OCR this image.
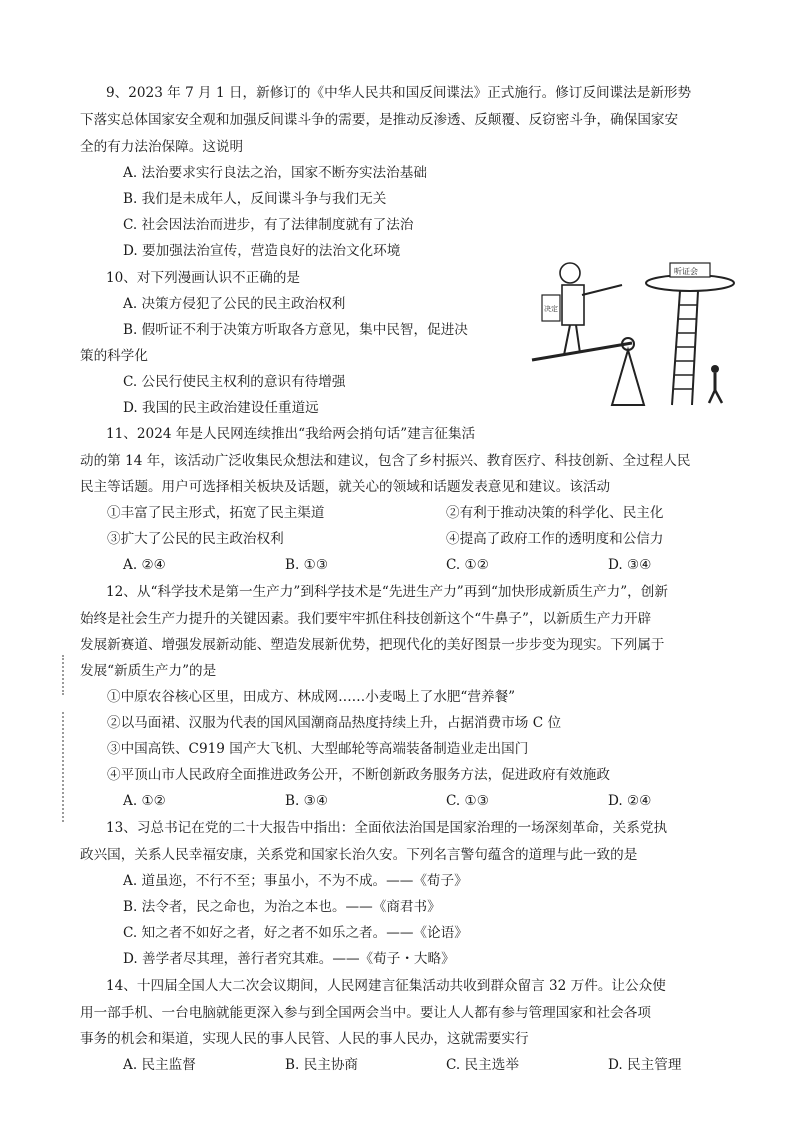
9、2023 年 7 月 1 日，新修订的《中华人民共和国反间谍法》正式施行。修订反间谍法是新形势
下落实总体国家安全观和加强反间谍斗争的需要，是推动反渗透、反颠覆、反窃密斗争，确保国家安
全的有力法治保障。这说明
A. 法治要求实行良法之治，国家不断夯实法治基础
B. 我们是未成年人，反间谍斗争与我们无关
C. 社会因法治而进步，有了法律制度就有了法治
D. 要加强法治宣传，营造良好的法治文化环境
10、对下列漫画认识不正确的是
A. 决策方侵犯了公民的民主政治权利
B. 假听证不利于决策方听取各方意见，集中民智，促进决
策的科学化
C. 公民行使民主权利的意识有待增强
D. 我国的民主政治建设任重道远
决定
听证会
11、2024 年是人民网连续推出“我给两会捎句话”建言征集活
动的第 14 年，该活动广泛收集民众想法和建议，包含了乡村振兴、教育医疗、科技创新、全过程人民
民主等话题。用户可选择相关板块及话题，就关心的领域和话题发表意见和建议。该活动
①丰富了民主形式，拓宽了民主渠道	②有利于推动决策的科学化、民主化
③扩大了公民的民主政治权利	④提高了政府工作的透明度和公信力
A. ②④	B. ①③	C. ①②	D. ③④
12、从“科学技术是第一生产力”到科学技术是“先进生产力”再到“加快形成新质生产力”，创新
始终是社会生产力提升的关键因素。我们要牢牢抓住科技创新这个“牛鼻子”，以新质生产力开辟
发展新赛道、增强发展新动能、塑造发展新优势，把现代化的美好图景一步步变为现实。下列属于
发展“新质生产力”的是
①中原农谷核心区里，田成方、林成网……小麦喝上了水肥“营养餐”
②以马面裙、汉服为代表的国风国潮商品热度持续上升，占据消费市场 C 位
③中国高铁、C919 国产大飞机、大型邮轮等高端装备制造业走出国门
④平顶山市人民政府全面推进政务公开，不断创新政务服务方法，促进政府有效施政
A. ①②	B. ③④	C. ①③	D. ②④
13、习总书记在党的二十大报告中指出：全面依法治国是国家治理的一场深刻革命，关系党执
政兴国，关系人民幸福安康，关系党和国家长治久安。下列名言警句蕴含的道理与此一致的是
A. 道虽迩，不行不至；事虽小，不为不成。——《荀子》
B. 法令者，民之命也，为治之本也。——《商君书》
C. 知之者不如好之者，好之者不如乐之者。——《论语》
D. 善学者尽其理，善行者究其难。——《荀子・大略》
14、十四届全国人大二次会议期间，人民网建言征集活动共收到群众留言 32 万件。让公众使
用一部手机、一台电脑就能更深入参与到全国两会当中。要让人人都有参与管理国家和社会各项
事务的机会和渠道，实现人民的事人民管、人民的事人民办，这就需要实行
A. 民主监督	B. 民主协商	C. 民主选举	D. 民主管理
